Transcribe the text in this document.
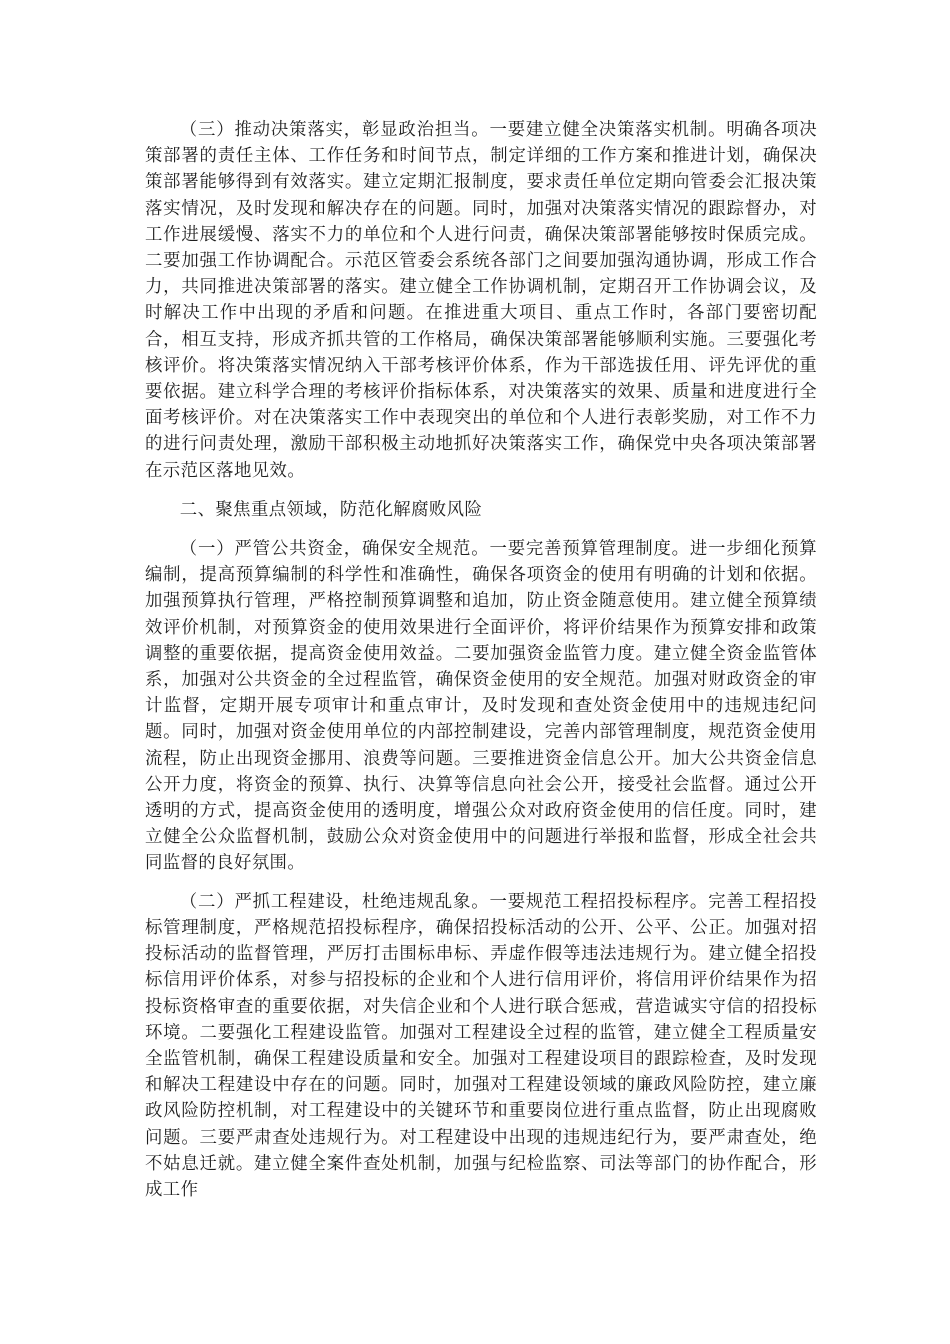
（三）推动决策落实，彰显政治担当。一要建立健全决策落实机制。明确各项决策部署的责任主体、工作任务和时间节点，制定详细的工作方案和推进计划，确保决策部署能够得到有效落实。建立定期汇报制度，要求责任单位定期向管委会汇报决策落实情况，及时发现和解决存在的问题。同时，加强对决策落实情况的跟踪督办，对工作进展缓慢、落实不力的单位和个人进行问责，确保决策部署能够按时保质完成。二要加强工作协调配合。示范区管委会系统各部门之间要加强沟通协调，形成工作合力，共同推进决策部署的落实。建立健全工作协调机制，定期召开工作协调会议，及时解决工作中出现的矛盾和问题。在推进重大项目、重点工作时，各部门要密切配合，相互支持，形成齐抓共管的工作格局，确保决策部署能够顺利实施。三要强化考核评价。将决策落实情况纳入干部考核评价体系，作为干部选拔任用、评先评优的重要依据。建立科学合理的考核评价指标体系，对决策落实的效果、质量和进度进行全面考核评价。对在决策落实工作中表现突出的单位和个人进行表彰奖励，对工作不力的进行问责处理，激励干部积极主动地抓好决策落实工作，确保党中央各项决策部署在示范区落地见效。

二、聚焦重点领域，防范化解腐败风险

（一）严管公共资金，确保安全规范。一要完善预算管理制度。进一步细化预算编制，提高预算编制的科学性和准确性，确保各项资金的使用有明确的计划和依据。加强预算执行管理，严格控制预算调整和追加，防止资金随意使用。建立健全预算绩效评价机制，对预算资金的使用效果进行全面评价，将评价结果作为预算安排和政策调整的重要依据，提高资金使用效益。二要加强资金监管力度。建立健全资金监管体系，加强对公共资金的全过程监管，确保资金使用的安全规范。加强对财政资金的审计监督，定期开展专项审计和重点审计，及时发现和查处资金使用中的违规违纪问题。同时，加强对资金使用单位的内部控制建设，完善内部管理制度，规范资金使用流程，防止出现资金挪用、浪费等问题。三要推进资金信息公开。加大公共资金信息公开力度，将资金的预算、执行、决算等信息向社会公开，接受社会监督。通过公开透明的方式，提高资金使用的透明度，增强公众对政府资金使用的信任度。同时，建立健全公众监督机制，鼓励公众对资金使用中的问题进行举报和监督，形成全社会共同监督的良好氛围。

（二）严抓工程建设，杜绝违规乱象。一要规范工程招投标程序。完善工程招投标管理制度，严格规范招投标程序，确保招投标活动的公开、公平、公正。加强对招投标活动的监督管理，严厉打击围标串标、弄虚作假等违法违规行为。建立健全招投标信用评价体系，对参与招投标的企业和个人进行信用评价，将信用评价结果作为招投标资格审查的重要依据，对失信企业和个人进行联合惩戒，营造诚实守信的招投标环境。二要强化工程建设监管。加强对工程建设全过程的监管，建立健全工程质量安全监管机制，确保工程建设质量和安全。加强对工程建设项目的跟踪检查，及时发现和解决工程建设中存在的问题。同时，加强对工程建设领域的廉政风险防控，建立廉政风险防控机制，对工程建设中的关键环节和重要岗位进行重点监督，防止出现腐败问题。三要严肃查处违规行为。对工程建设中出现的违规违纪行为，要严肃查处，绝不姑息迁就。建立健全案件查处机制，加强与纪检监察、司法等部门的协作配合，形成工作
